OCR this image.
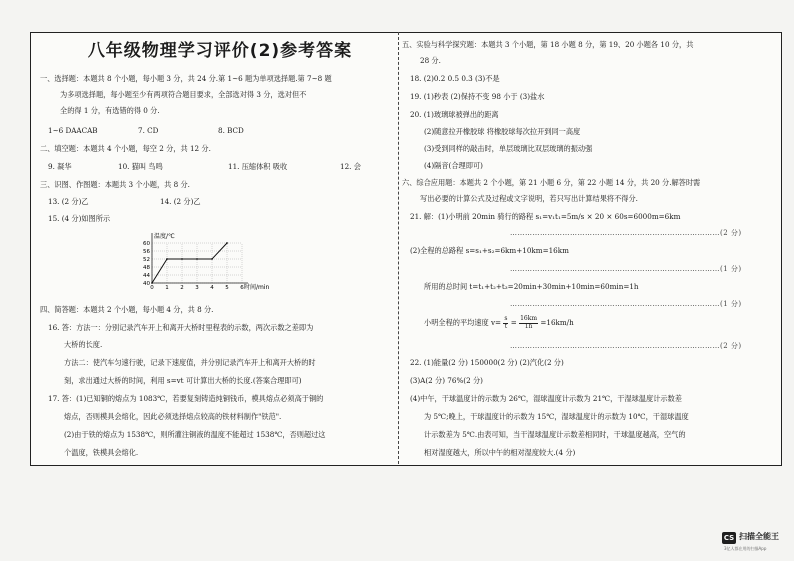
八年级物理学习评价(2)参考答案
一、选择题：本题共 8 个小题，每小题 3 分，共 24 分.第 1~6 题为单项选择题.第 7~8 题
为多项选择题，每小题至少有两项符合题目要求，全部选对得 3 分，选对但不
全的得 1 分，有选错的得 0 分.
1~6 DAACAB	7. CD	8. BCD
二、填空题：本题共 4 个小题，每空 2 分，共 12 分.
9. 凝华	10. 猫叫 鸟鸣	11. 压缩体积 吸收	12. 会
三、识图、作图题：本题共 3 个小题，共 8 分.
13. (2 分)乙	14. (2 分)乙
15. (4 分)如图所示
40
44
48
52
56
60
0 1 2 3 4 5 6
温度/℃
时间/min
四、简答题：本题共 2 个小题，每小题 4 分，共 8 分.
16. 答：方法一：分别记录汽车开上和离开大桥时里程表的示数，两次示数之差即为
大桥的长度.
方法二：使汽车匀速行驶，记录下速度值，并分别记录汽车开上和离开大桥的时
刻，求出通过大桥的时间，利用 s=vt 可计算出大桥的长度.(答案合理即可)
17. 答：(1)已知铜的熔点为 1083℃，若要复刻铸造纯铜钱币，模具熔点必须高于铜的
熔点，否则模具会熔化，因此必须选择熔点较高的铁材料制作"铁范".
(2)由于铁的熔点为 1538℃，则所灌注铜液的温度不能超过 1538℃，否则超过这
个温度，铁模具会熔化.
五、实验与科学探究题：本题共 3 个小题，第 18 小题 8 分，第 19、20 小题各 10 分，共
28 分.
18. (2)0.2 0.5 0.3 (3)不是
19. (1)秒表 (2)保持不变 98 小于 (3)盐水
20. (1)玻璃球被弹出的距离
(2)随意拉开橡胶球 将橡胶球每次拉开到同一高度
(3)受到同样的敲击时，单层玻璃比双层玻璃的振动强
(4)隔音(合理即可)
六、综合应用题：本题共 2 个小题，第 21 小题 6 分，第 22 小题 14 分，共 20 分.解答时需
写出必要的计算公式及过程或文字说明，若只写出计算结果将不得分.
21. 解：(1)小明前 20min 骑行的路程 s₁=v₁t₁=5m/s × 20 × 60s=6000m=6km
…………………………………………………………………………(2 分)
(2)全程的总路程 s=s₁+s₂=6km+10km=16km
…………………………………………………………………………(1 分)
所用的总时间 t=t₁+t₂+t₃=20min+30min+10min=60min=1h
…………………………………………………………………………(1 分)
小明全程的平均速度 $v= \frac{s}{t} = \frac{16km}{1h} =16km/h$
…………………………………………………………………………(2 分)
22. (1)能量(2 分) 150000(2 分) (2)汽化(2 分)
(3)A(2 分) 76%(2 分)
(4)中午，干球温度计的示数为 26℃，湿球温度计示数为 21℃，干湿球温度计示数差
为 5℃;晚上，干球温度计的示数为 15℃，湿球温度计的示数为 10℃，干湿球温度
计示数差为 5℃.由表可知，当干湿球温度计示数差相同时，干球温度越高，空气的
相对湿度越大，所以中午的相对湿度较大.(4 分)
CS 扫描全能王
3亿人都在用的扫描App
